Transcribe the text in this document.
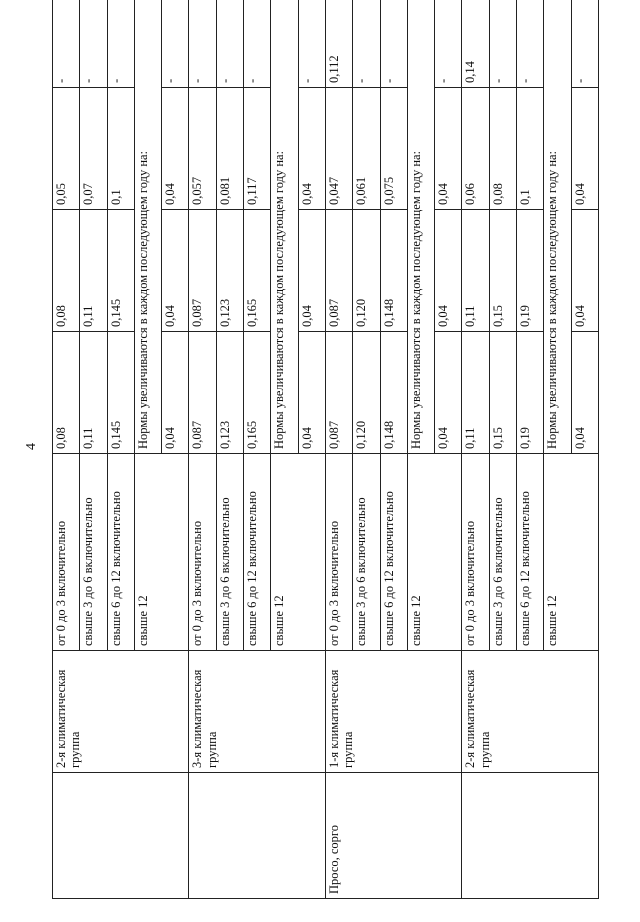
4
	2-я климатическая группа	от 0 до 3 включительно	0,08	0,08	0,05	-
		свыше 3 до 6 включительно	0,11	0,11	0,07	-
		свыше 6 до 12 включительно	0,145	0,145	0,1	-
		свыше 12	Нормы увеличиваются в каждом последующем году на:			
			0,04	0,04	0,04	-
	3-я климатическая группа	от 0 до 3 включительно	0,087	0,087	0,057	-
		свыше 3 до 6 включительно	0,123	0,123	0,081	-
		свыше 6 до 12 включительно	0,165	0,165	0,117	-
		свыше 12	Нормы увеличиваются в каждом последующем году на:			
			0,04	0,04	0,04	-
Просо, сорго	1-я климатическая группа	от 0 до 3 включительно	0,087	0,087	0,047	0,112
		свыше 3 до 6 включительно	0,120	0,120	0,061	-
		свыше 6 до 12 включительно	0,148	0,148	0,075	-
		свыше 12	Нормы увеличиваются в каждом последующем году на:			
			0,04	0,04	0,04	-
	2-я климатическая группа	от 0 до 3 включительно	0,11	0,11	0,06	0,14
		свыше 3 до 6 включительно	0,15	0,15	0,08	-
		свыше 6 до 12 включительно	0,19	0,19	0,1	-
		свыше 12	Нормы увеличиваются в каждом последующем году на:			
			0,04	0,04	0,04	-
